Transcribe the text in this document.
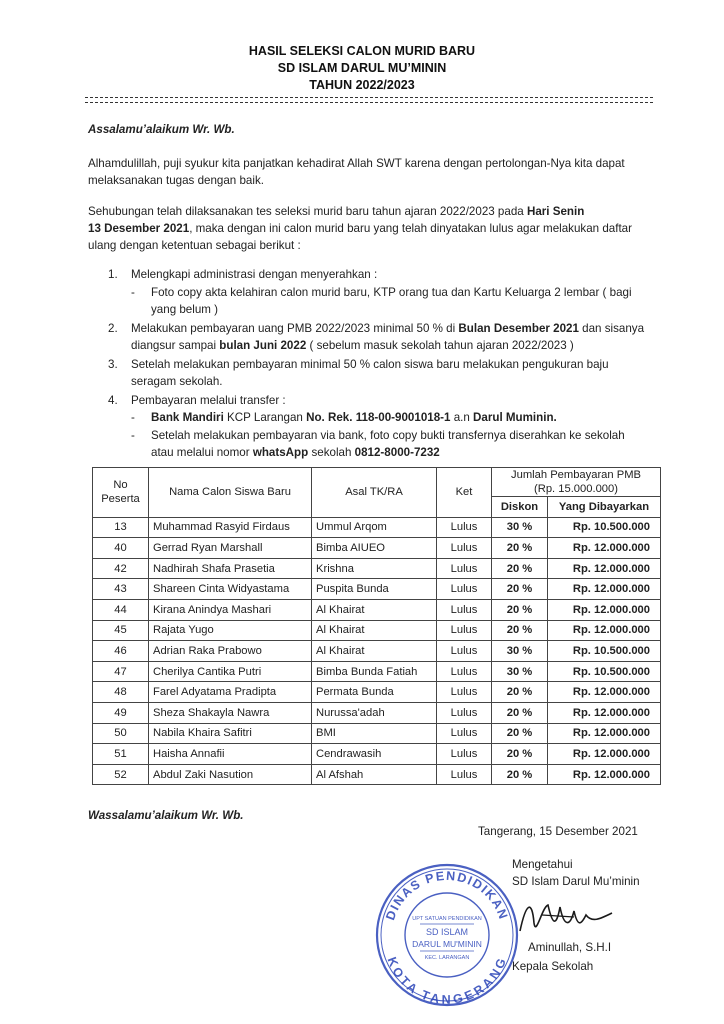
HASIL SELEKSI CALON MURID BARU
SD ISLAM DARUL MU’MININ
TAHUN 2022/2023
Assalamu’alaikum Wr. Wb.
Alhamdulillah, puji syukur kita panjatkan kehadirat Allah SWT karena dengan pertolongan-Nya kita dapat
melaksanakan tugas dengan baik.
Sehubungan telah dilaksanakan tes seleksi murid baru tahun ajaran 2022/2023 pada Hari Senin
13 Desember 2021, maka dengan ini calon murid baru yang telah dinyatakan lulus agar melakukan daftar
ulang dengan ketentuan sebagai berikut :
1. Melengkapi administrasi dengan menyerahkan :
- Foto copy akta kelahiran calon murid baru, KTP orang tua dan Kartu Keluarga 2 lembar ( bagi
yang belum )
2. Melakukan pembayaran uang PMB 2022/2023 minimal 50 % di Bulan Desember 2021 dan sisanya
diangsur sampai bulan Juni 2022 ( sebelum masuk sekolah tahun ajaran 2022/2023 )
3. Setelah melakukan pembayaran minimal 50 % calon siswa baru melakukan pengukuran baju
seragam sekolah.
4. Pembayaran melalui transfer :
- Bank Mandiri KCP Larangan No. Rek. 118-00-9001018-1 a.n Darul Muminin.
- Setelah melakukan pembayaran via bank, foto copy bukti transfernya diserahkan ke sekolah
atau melalui nomor whatsApp sekolah 0812-8000-7232
No
Peserta	Nama Calon Siswa Baru	Asal TK/RA	Ket	Jumlah Pembayaran PMB
(Rp. 15.000.000)	
				Diskon	Yang Dibayarkan
13	Muhammad Rasyid Firdaus	Ummul Arqom	Lulus	30 %	Rp. 10.500.000
40	Gerrad Ryan Marshall	Bimba AIUEO	Lulus	20 %	Rp. 12.000.000
42	Nadhirah Shafa Prasetia	Krishna	Lulus	20 %	Rp. 12.000.000
43	Shareen Cinta Widyastama	Puspita Bunda	Lulus	20 %	Rp. 12.000.000
44	Kirana Anindya Mashari	Al Khairat	Lulus	20 %	Rp. 12.000.000
45	Rajata Yugo	Al Khairat	Lulus	20 %	Rp. 12.000.000
46	Adrian Raka Prabowo	Al Khairat	Lulus	30 %	Rp. 10.500.000
47	Cherilya Cantika Putri	Bimba Bunda Fatiah	Lulus	30 %	Rp. 10.500.000
48	Farel Adyatama Pradipta	Permata Bunda	Lulus	20 %	Rp. 12.000.000
49	Sheza Shakayla Nawra	Nurussa'adah	Lulus	20 %	Rp. 12.000.000
50	Nabila Khaira Safitri	BMI	Lulus	20 %	Rp. 12.000.000
51	Haisha Annafii	Cendrawasih	Lulus	20 %	Rp. 12.000.000
52	Abdul Zaki Nasution	Al Afshah	Lulus	20 %	Rp. 12.000.000
Wassalamu’alaikum Wr. Wb.
Tangerang, 15 Desember 2021
Mengetahui
SD Islam Darul Mu’minin
Aminullah, S.H.I
Kepala Sekolah
DINAS PENDIDIKAN
KOTA TANGERANG
UPT SATUAN PENDIDIKAN
SD ISLAM
DARUL MU'MININ
KEC. LARANGAN
